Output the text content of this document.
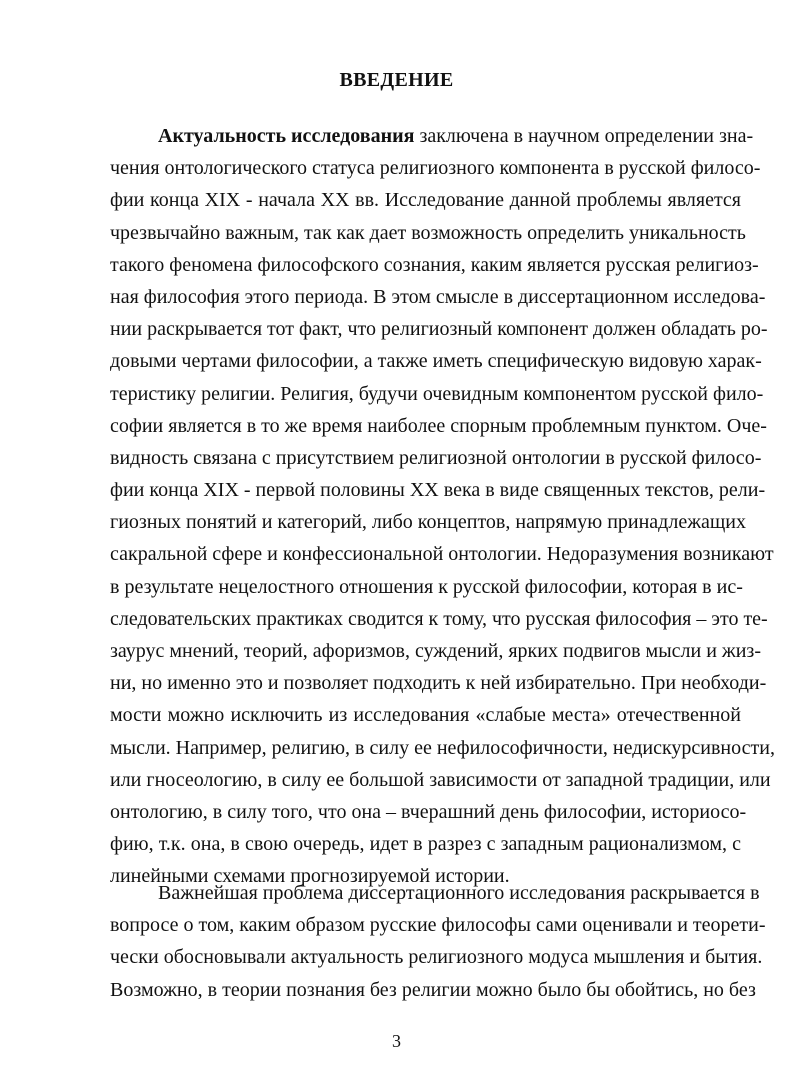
ВВЕДЕНИЕ
Актуальность исследования заключена в научном определении зна-
чения онтологического статуса религиозного компонента в русской филосо-
фии конца XIX - начала XX вв. Исследование данной проблемы является
чрезвычайно важным, так как дает возможность определить уникальность
такого феномена философского сознания, каким является русская религиоз-
ная философия этого периода. В этом смысле в диссертационном исследова-
нии раскрывается тот факт, что религиозный компонент должен обладать ро-
довыми чертами философии, а также иметь специфическую видовую харак-
теристику религии. Религия, будучи очевидным компонентом русской фило-
софии является в то же время наиболее спорным проблемным пунктом. Оче-
видность связана с присутствием религиозной онтологии в русской филосо-
фии конца XIX - первой половины XX века в виде священных текстов, рели-
гиозных понятий и категорий, либо концептов, напрямую принадлежащих
сакральной сфере и конфессиональной онтологии. Недоразумения возникают
в результате нецелостного отношения к русской философии, которая в ис-
следовательских практиках сводится к тому, что русская философия – это те-
заурус мнений, теорий, афоризмов, суждений, ярких подвигов мысли и жиз-
ни, но именно это и позволяет подходить к ней избирательно. При необходи-
мости можно исключить из исследования «слабые места» отечественной
мысли. Например, религию, в силу ее нефилософичности, недискурсивности,
или гносеологию, в силу ее большой зависимости от западной традиции, или
онтологию, в силу того, что она – вчерашний день философии, историосо-
фию, т.к. она, в свою очередь, идет в разрез с западным рационализмом, с
линейными схемами прогнозируемой истории.
Важнейшая проблема диссертационного исследования раскрывается в
вопросе о том, каким образом русские философы сами оценивали и теорети-
чески обосновывали актуальность религиозного модуса мышления и бытия.
Возможно, в теории познания без религии можно было бы обойтись, но без
3
